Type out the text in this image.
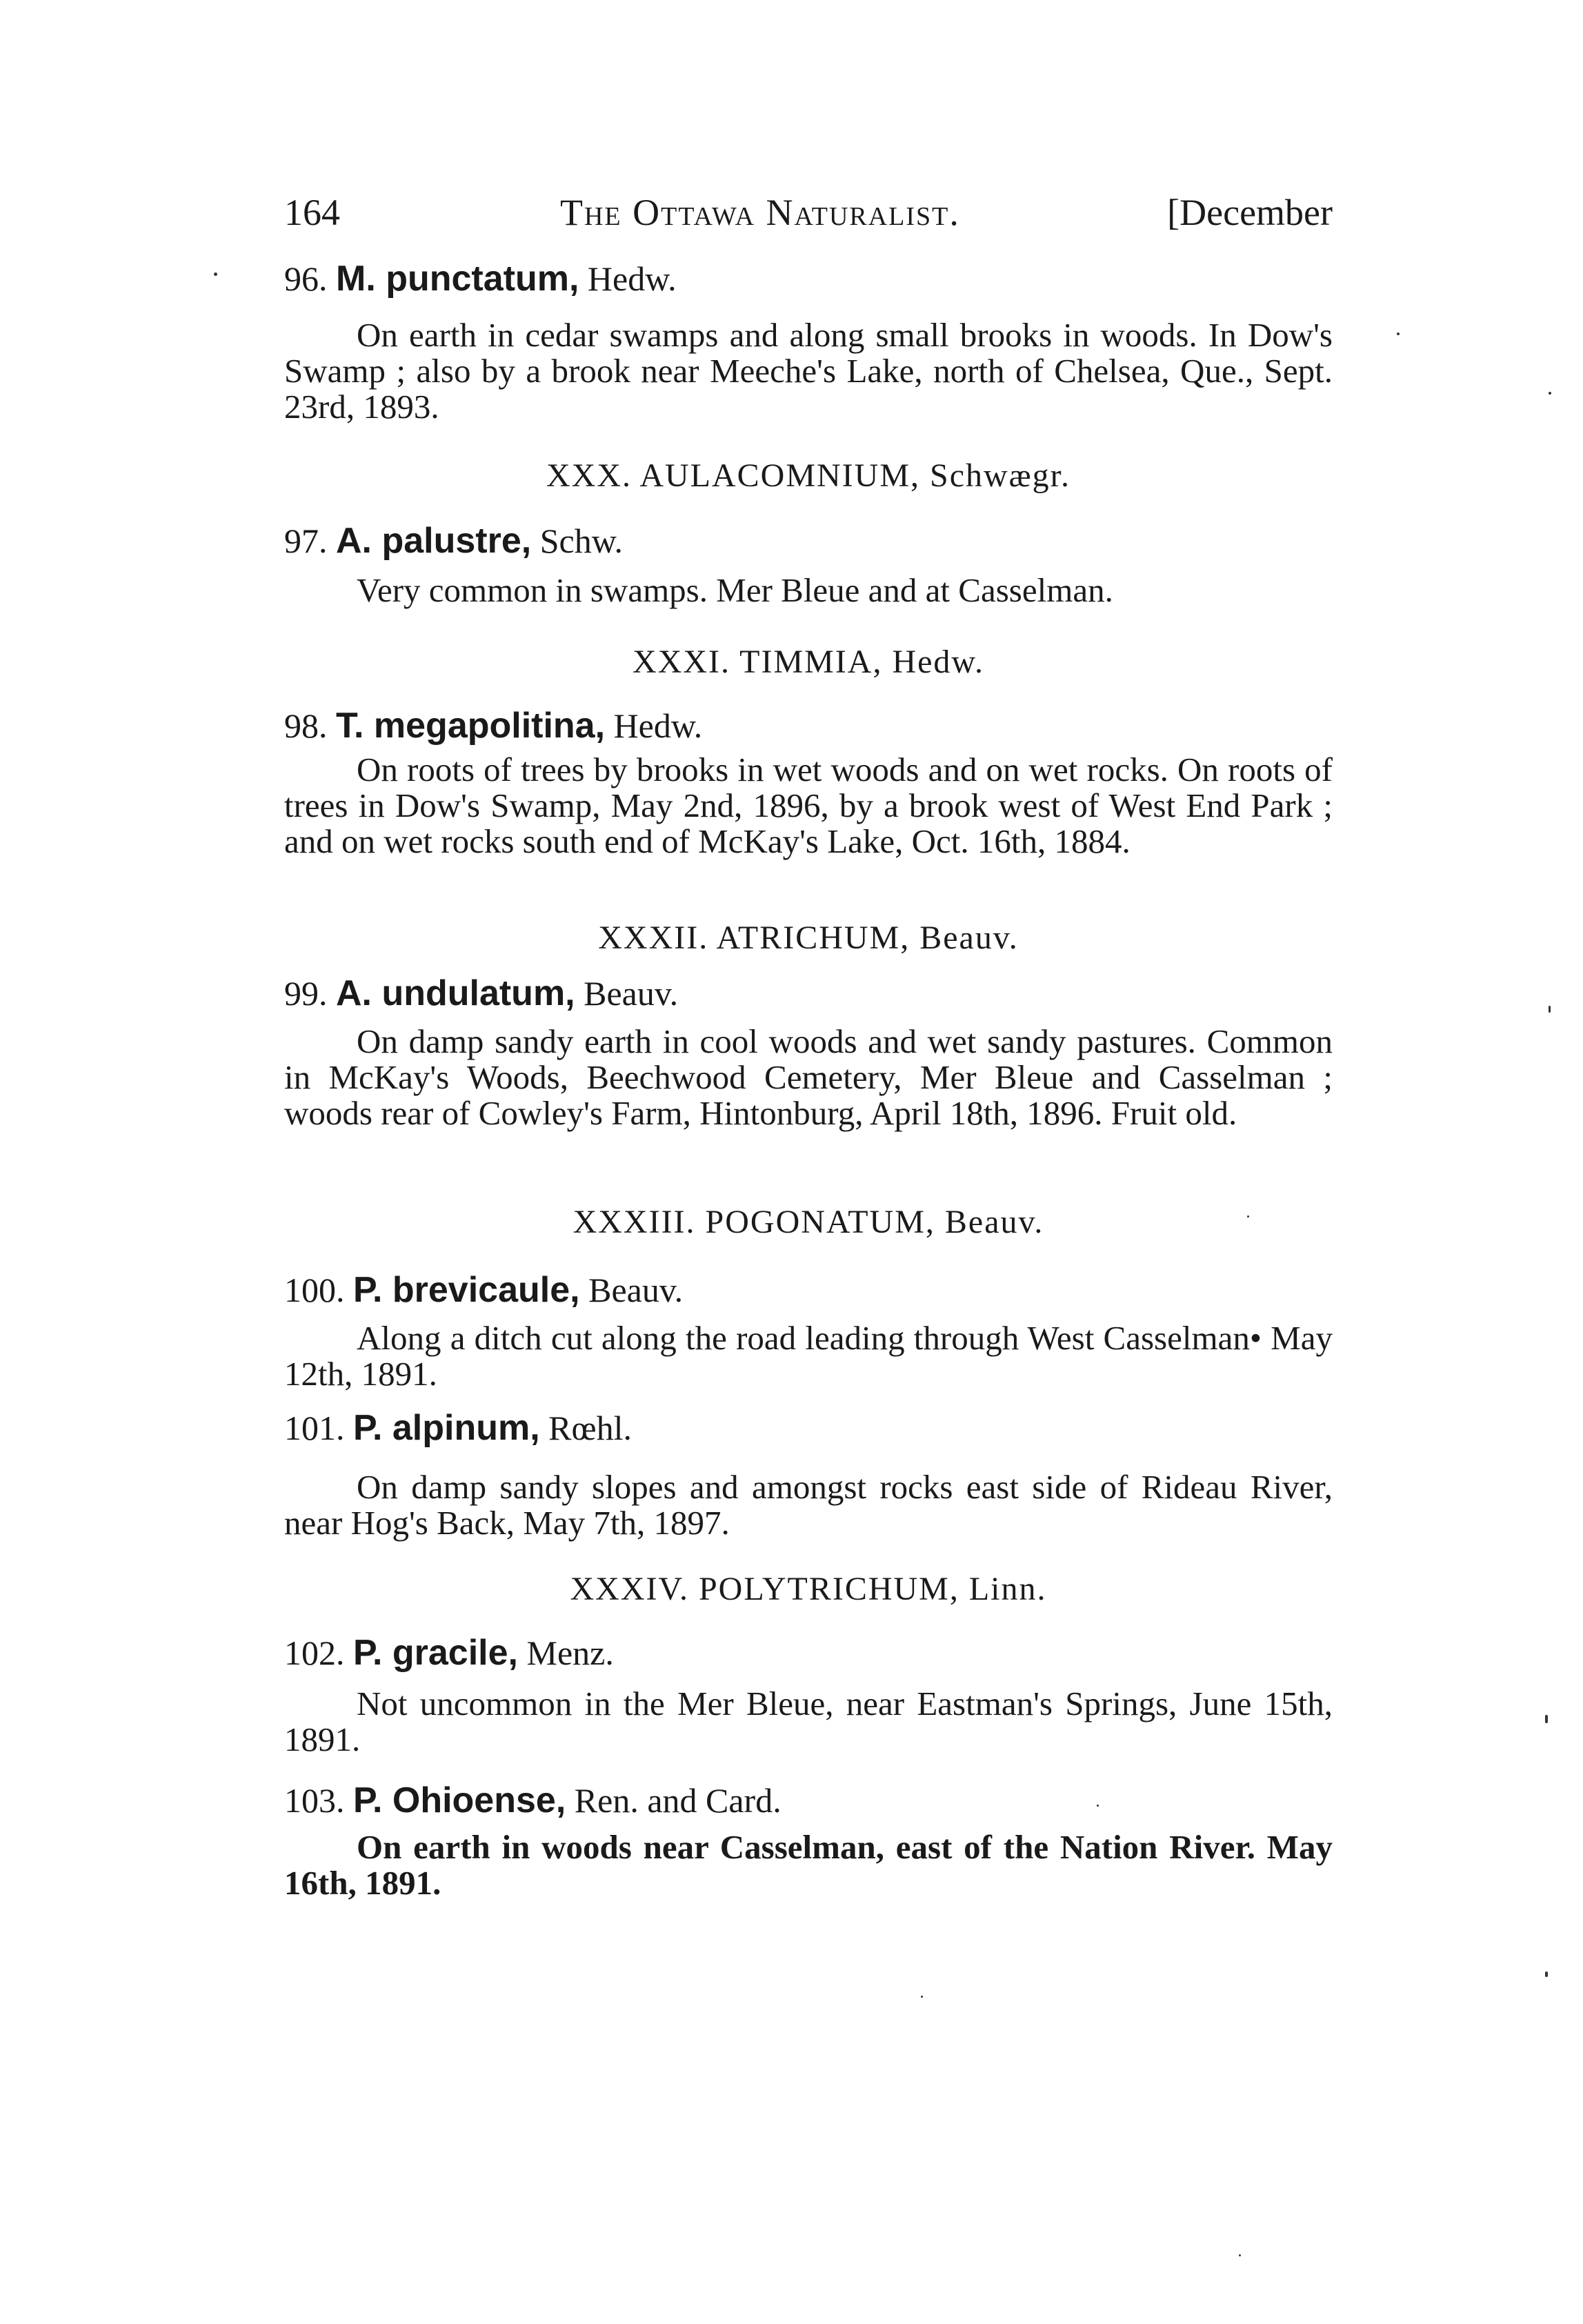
164	The Ottawa Naturalist.	[December
96. M. punctatum, Hedw.
On earth in cedar swamps and along small brooks in woods. In Dow's Swamp ; also by a brook near Meeche's Lake, north of Chelsea, Que., Sept. 23rd, 1893.
XXX. AULACOMNIUM, Schwægr.
97. A. palustre, Schw.
Very common in swamps. Mer Bleue and at Casselman.
XXXI. TIMMIA, Hedw.
98. T. megapolitina, Hedw.
On roots of trees by brooks in wet woods and on wet rocks. On roots of trees in Dow's Swamp, May 2nd, 1896, by a brook west of West End Park ; and on wet rocks south end of McKay's Lake, Oct. 16th, 1884.
XXXII. ATRICHUM, Beauv.
99. A. undulatum, Beauv.
On damp sandy earth in cool woods and wet sandy pastures. Common in McKay's Woods, Beechwood Cemetery, Mer Bleue and Casselman ; woods rear of Cowley's Farm, Hintonburg, April 18th, 1896. Fruit old.
XXXIII. POGONATUM, Beauv.
100. P. brevicaule, Beauv.
Along a ditch cut along the road leading through West Casselman• May 12th, 1891.
101. P. alpinum, Rœhl.
On damp sandy slopes and amongst rocks east side of Rideau River, near Hog's Back, May 7th, 1897.
XXXIV. POLYTRICHUM, Linn.
102. P. gracile, Menz.
Not uncommon in the Mer Bleue, near Eastman's Springs, June 15th, 1891.
103. P. Ohioense, Ren. and Card.
On earth in woods near Casselman, east of the Nation River. May 16th, 1891.
